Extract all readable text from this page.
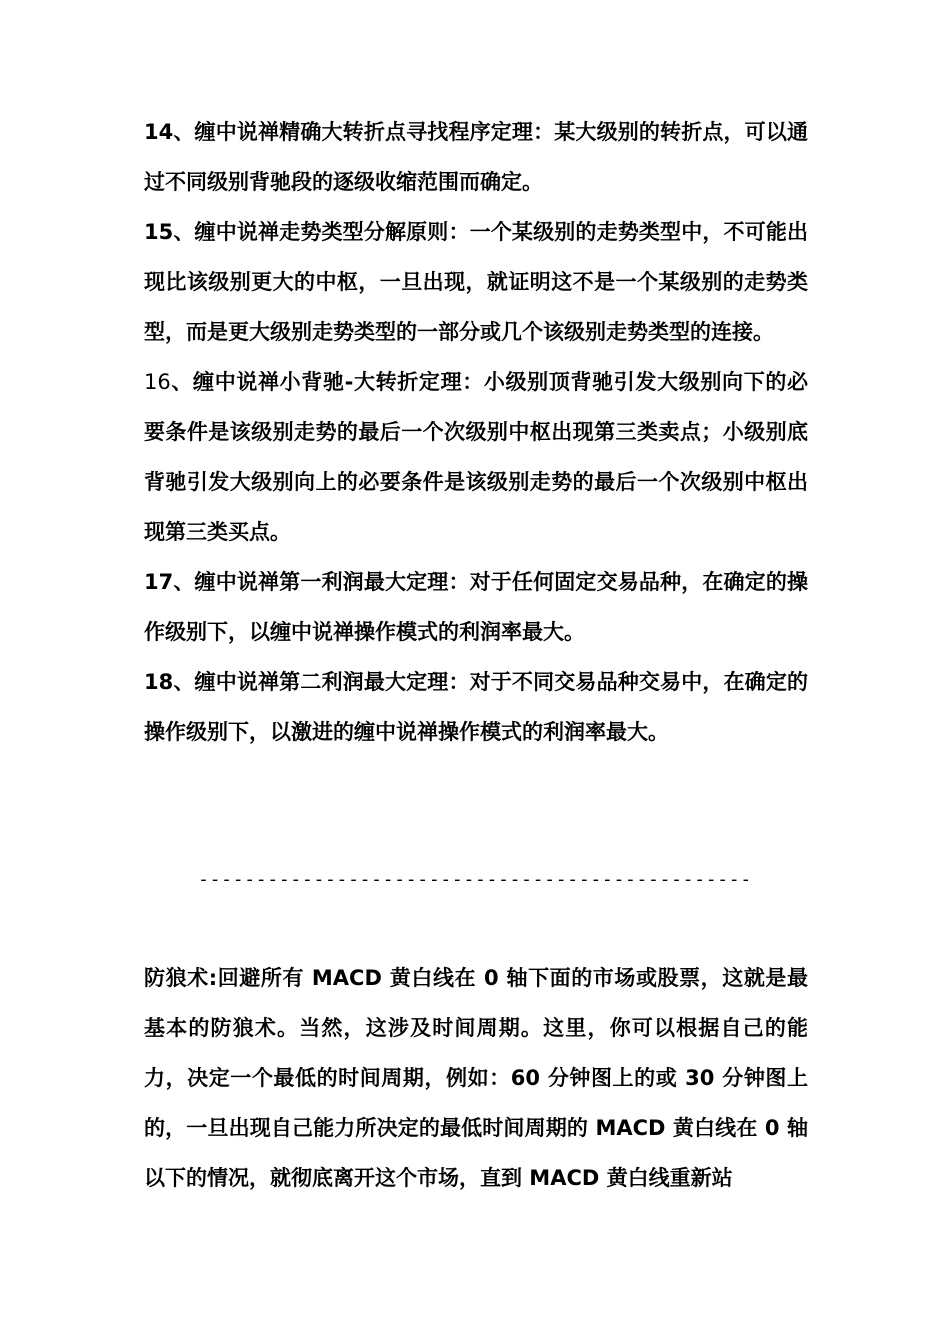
14、缠中说禅精确大转折点寻找程序定理：某大级别的转折点，可以通过不同级别背驰段的逐级收缩范围而确定。

15、缠中说禅走势类型分解原则：一个某级别的走势类型中，不可能出现比该级别更大的中枢，一旦出现，就证明这不是一个某级别的走势类型，而是更大级别走势类型的一部分或几个该级别走势类型的连接。

16、缠中说禅小背驰-大转折定理：小级别顶背驰引发大级别向下的必要条件是该级别走势的最后一个次级别中枢出现第三类卖点；小级别底背驰引发大级别向上的必要条件是该级别走势的最后一个次级别中枢出现第三类买点。

17、缠中说禅第一利润最大定理：对于任何固定交易品种，在确定的操作级别下，以缠中说禅操作模式的利润率最大。

18、缠中说禅第二利润最大定理：对于不同交易品种交易中，在确定的操作级别下，以激进的缠中说禅操作模式的利润率最大。

------------------------------------------------

防狼术:回避所有 MACD 黄白线在 0 轴下面的市场或股票，这就是最基本的防狼术。当然，这涉及时间周期。这里，你可以根据自己的能力，决定一个最低的时间周期，例如：60 分钟图上的或 30 分钟图上的，一旦出现自己能力所决定的最低时间周期的 MACD 黄白线在 0 轴以下的情况，就彻底离开这个市场，直到 MACD 黄白线重新站
